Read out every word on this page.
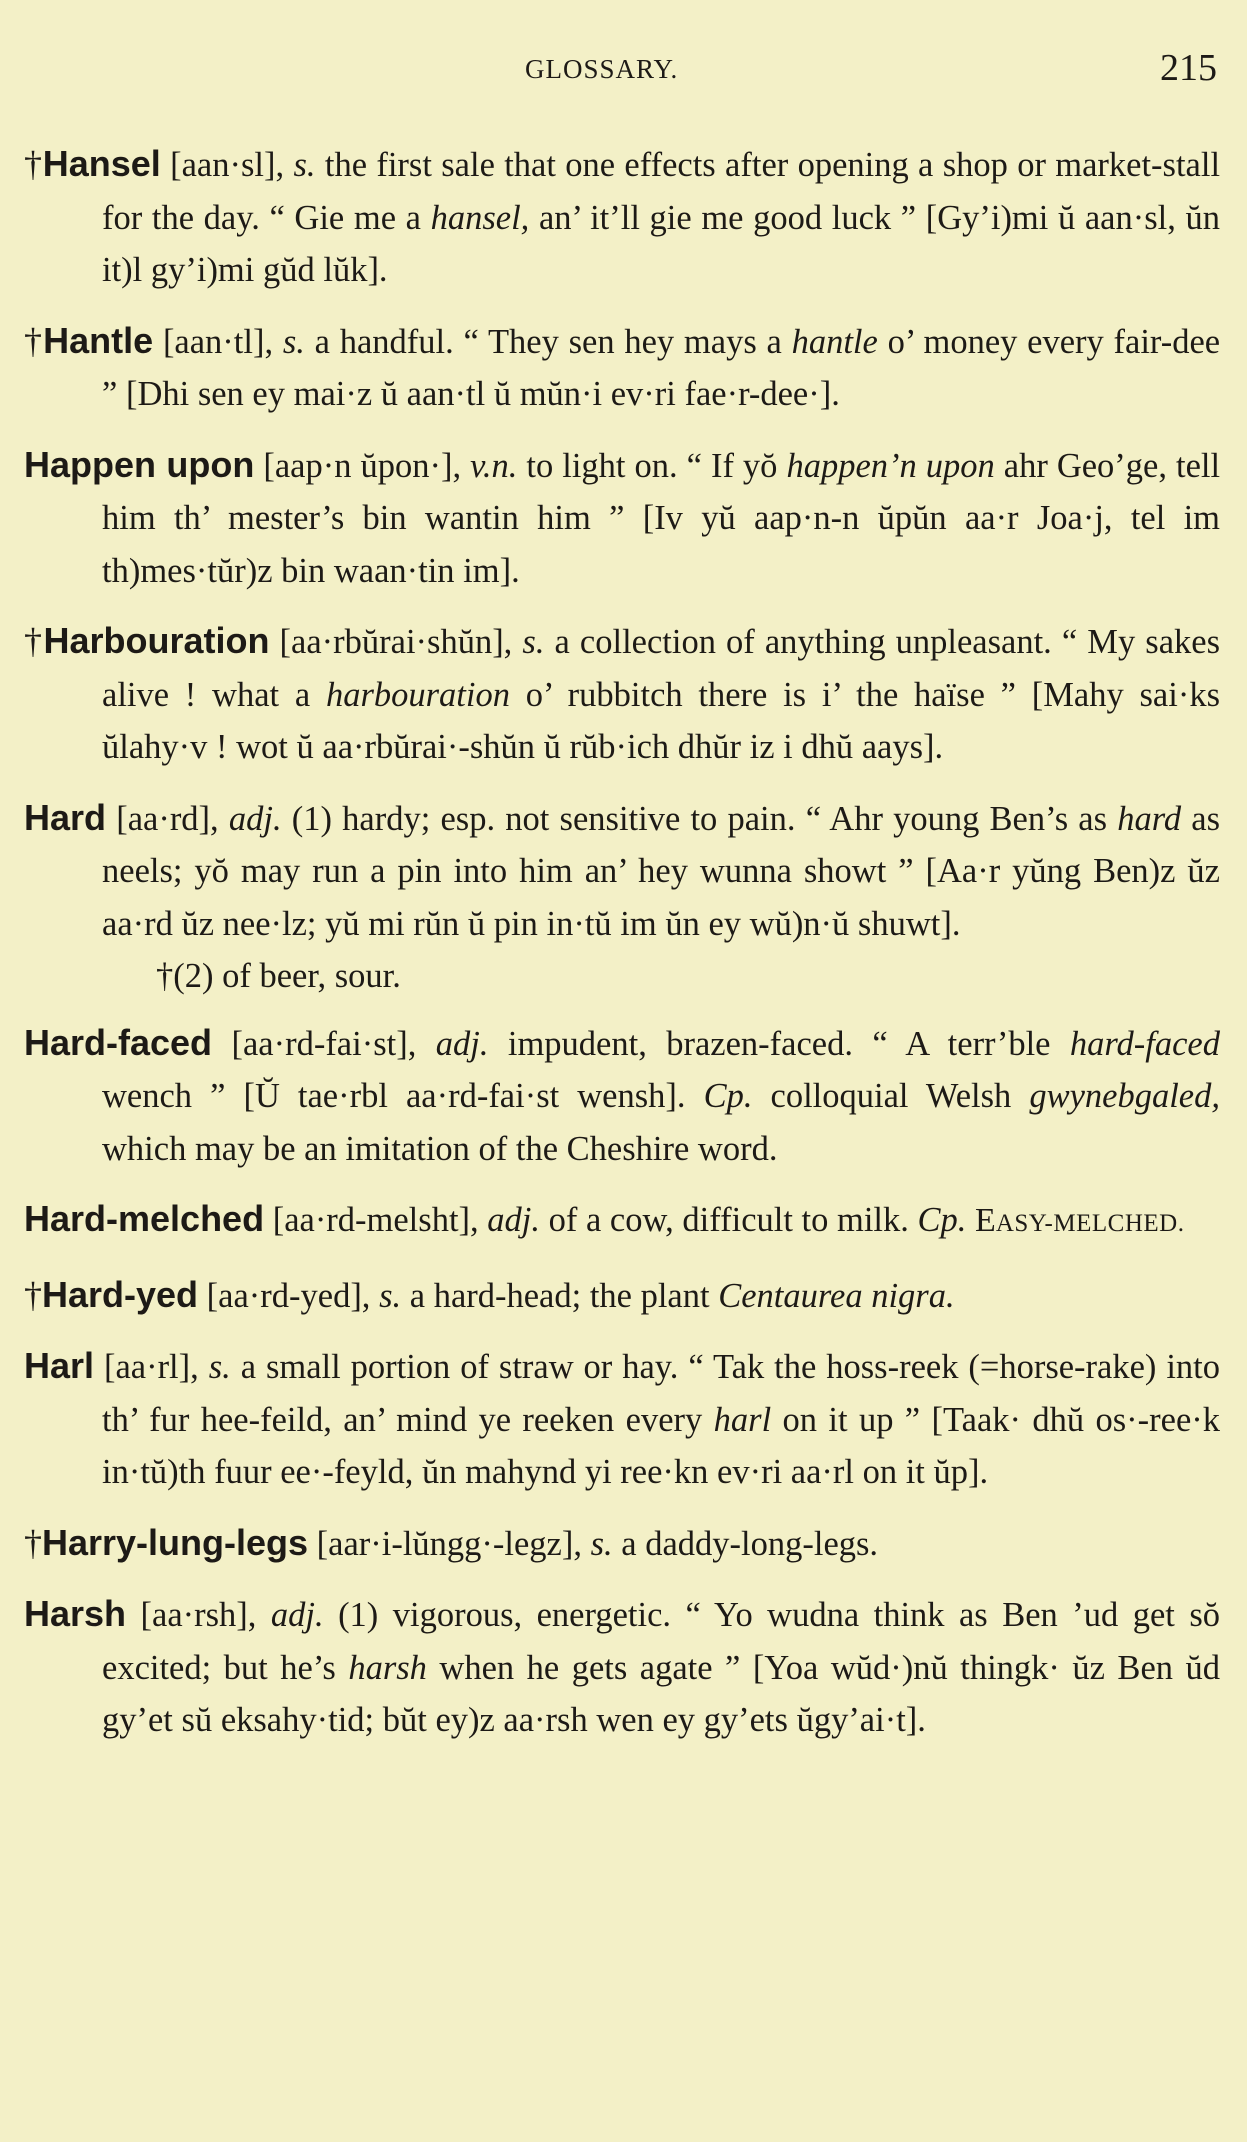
GLOSSARY.	215

†Hansel [aan·sl], s. the first sale that one effects after opening a shop or market-stall for the day. “ Gie me a hansel, an’ it’ll gie me good luck ” [Gy’i)mi ŭ aan·sl, ŭn it)l gy’i)mi gŭd lŭk].

†Hantle [aan·tl], s. a handful. “ They sen hey mays a hantle o’ money every fair-dee ” [Dhi sen ey mai·z ŭ aan·tl ŭ mŭn·i ev·ri fae·r-dee·].

Happen upon [aap·n ŭpon·], v.n. to light on. “ If yŏ happen’n upon ahr Geo’ge, tell him th’ mester’s bin wantin him ” [Iv yŭ aap·n-n ŭpŭn aa·r Joa·j, tel im th)mes·tŭr)z bin waan·tin im].

†Harbouration [aa·rbŭrai·shŭn], s. a collection of anything unpleasant. “ My sakes alive ! what a harbouration o’ rubbitch there is i’ the haïse ” [Mahy sai·ks ŭlahy·v ! wot ŭ aa·rbŭrai·-shŭn ŭ rŭb·ich dhŭr iz i dhŭ aays].

Hard [aa·rd], adj. (1) hardy; esp. not sensitive to pain. “ Ahr young Ben’s as hard as neels; yŏ may run a pin into him an’ hey wunna showt ” [Aa·r yŭng Ben)z ŭz aa·rd ŭz nee·lz; yŭ mi rŭn ŭ pin in·tŭ im ŭn ey wŭ)n·ŭ shuwt].
†(2) of beer, sour.

Hard-faced [aa·rd-fai·st], adj. impudent, brazen-faced. “ A terr’ble hard-faced wench ” [Ŭ tae·rbl aa·rd-fai·st wensh]. Cp. colloquial Welsh gwynebgaled, which may be an imitation of the Cheshire word.

Hard-melched [aa·rd-melsht], adj. of a cow, difficult to milk. Cp. EASY-MELCHED.

†Hard-yed [aa·rd-yed], s. a hard-head; the plant Centaurea nigra.

Harl [aa·rl], s. a small portion of straw or hay. “ Tak the hoss-reek (=horse-rake) into th’ fur hee-feild, an’ mind ye reeken every harl on it up ” [Taak· dhŭ os·-ree·k in·tŭ)th fuur ee·-feyld, ŭn mahynd yi ree·kn ev·ri aa·rl on it ŭp].

†Harry-lung-legs [aar·i-lŭngg·-legz], s. a daddy-long-legs.

Harsh [aa·rsh], adj. (1) vigorous, energetic. “ Yo wudna think as Ben ’ud get sŏ excited; but he’s harsh when he gets agate ” [Yoa wŭd·)nŭ thingk· ŭz Ben ŭd gy’et sŭ eksahy·tid; bŭt ey)z aa·rsh wen ey gy’ets ŭgy’ai·t].
